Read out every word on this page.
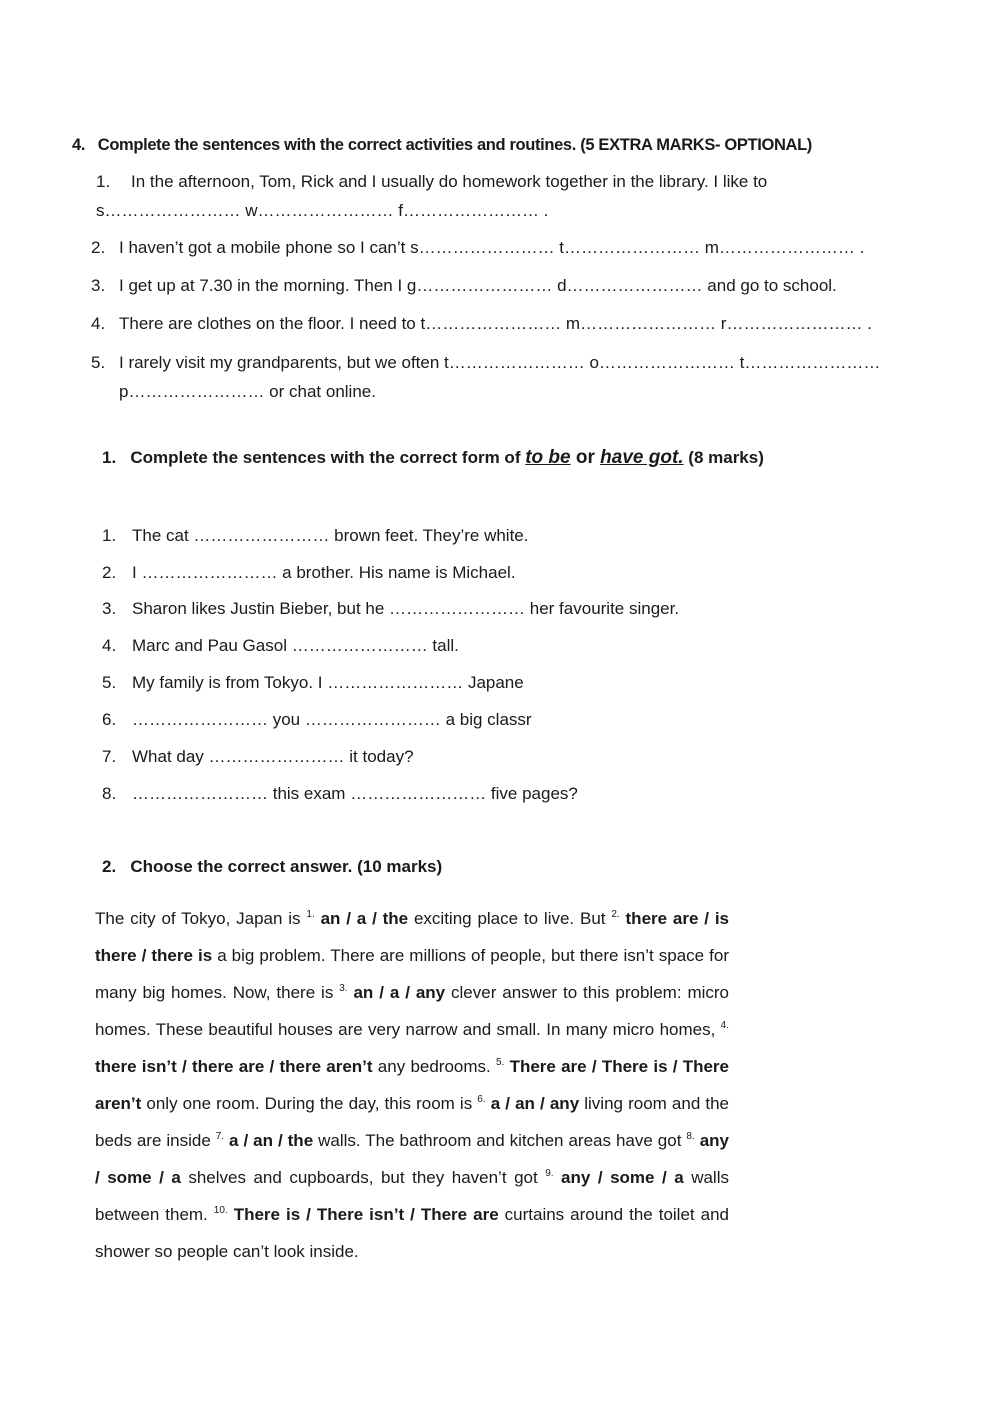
4.   Complete the sentences with the correct activities and routines. (5 EXTRA MARKS- OPTIONAL)
1. In the afternoon, Tom, Rick and I usually do homework together in the library. I like to
s…………………… w…………………… f…………………… .
2. I haven’t got a mobile phone so I can’t s…………………… t…………………… m…………………… .
3. I get up at 7.30 in the morning. Then I g…………………… d…………………… and go to school.
4. There are clothes on the floor. I need to t…………………… m…………………… r…………………… .
5. I rarely visit my grandparents, but we often t…………………… o…………………… t……………………
p…………………… or chat online.
1.   Complete the sentences with the correct form of to be or have got. (8 marks)
1. The cat …………………… brown feet. They’re white.
2. I …………………… a brother. His name is Michael.
3. Sharon likes Justin Bieber, but he …………………… her favourite singer.
4. Marc and Pau Gasol …………………… tall.
5. My family is from Tokyo. I …………………… Japane
6. …………………… you …………………… a big classr
7. What day …………………… it today?
8. …………………… this exam …………………… five pages?
2.   Choose the correct answer. (10 marks)

The city of Tokyo, Japan is $^{1.}$ an / a / the exciting place to live. But $^{2.}$ there are / is there / there is a big problem. There are millions of people, but there isn’t space for many big homes. Now, there is $^{3.}$ an / a / any clever answer to this problem: micro homes. These beautiful houses are very narrow and small. In many micro homes, $^{4.}$ there isn’t / there are / there aren’t any bedrooms. $^{5.}$ There are / There is / There aren’t only one room. During the day, this room is $^{6.}$ a / an / any living room and the beds are inside $^{7.}$ a / an / the walls. The bathroom and kitchen areas have got $^{8.}$ any / some / a shelves and cupboards, but they haven’t got $^{9.}$ any / some / a walls between them. $^{10.}$ There is / There isn’t / There are curtains around the toilet and shower so people can’t look inside.
